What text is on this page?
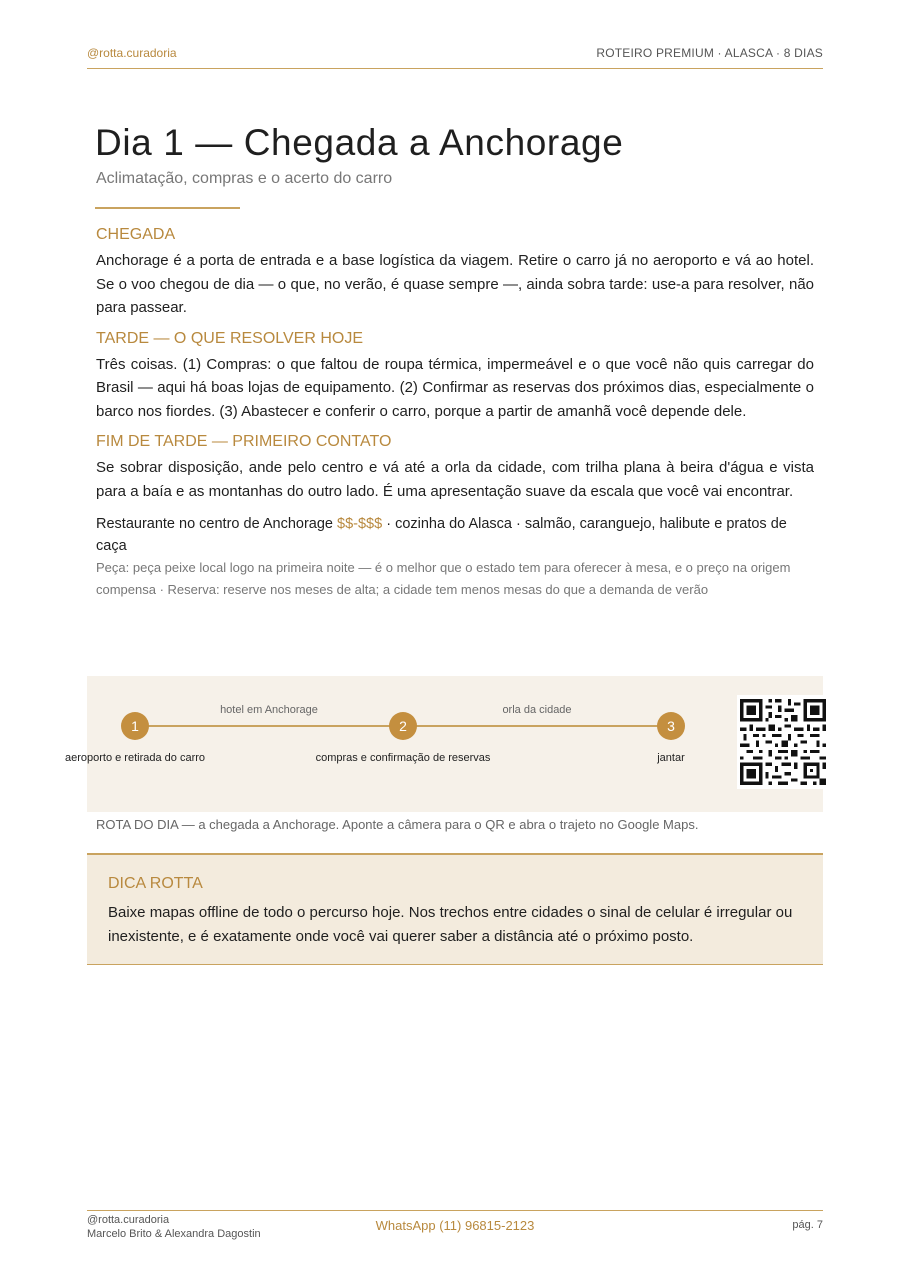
@rotta.curadoria	ROTEIRO PREMIUM · ALASCA · 8 DIAS
Dia 1 — Chegada a Anchorage
Aclimatação, compras e o acerto do carro
CHEGADA

Anchorage é a porta de entrada e a base logística da viagem. Retire o carro já no aeroporto e vá ao hotel. Se o voo chegou de dia — o que, no verão, é quase sempre —, ainda sobra tarde: use-a para resolver, não para passear.

TARDE — O QUE RESOLVER HOJE

Três coisas. (1) Compras: o que faltou de roupa térmica, impermeável e o que você não quis carregar do Brasil — aqui há boas lojas de equipamento. (2) Confirmar as reservas dos próximos dias, especialmente o barco nos fiordes. (3) Abastecer e conferir o carro, porque a partir de amanhã você depende dele.

FIM DE TARDE — PRIMEIRO CONTATO

Se sobrar disposição, ande pelo centro e vá até a orla da cidade, com trilha plana à beira d'água e vista para a baía e as montanhas do outro lado. É uma apresentação suave da escala que você vai encontrar.

Restaurante no centro de Anchorage $$-$$$ · cozinha do Alasca · salmão, caranguejo, halibute e pratos de caça

Peça: peça peixe local logo na primeira noite — é o melhor que o estado tem para oferecer à mesa, e o preço na origem compensa · Reserva: reserve nos meses de alta; a cidade tem menos mesas do que a demanda de verão

hotel em Anchorage	orla da cidade
1	2	3
aeroporto e retirada do carro	compras e confirmação de reservas	jantar
ROTA DO DIA — a chegada a Anchorage. Aponte a câmera para o QR e abra o trajeto no Google Maps.
DICA ROTTA
Baixe mapas offline de todo o percurso hoje. Nos trechos entre cidades o sinal de celular é irregular ou inexistente, e é exatamente onde você vai querer saber a distância até o próximo posto.
@rotta.curadoria
Marcelo Brito & Alexandra Dagostin
WhatsApp (11) 96815-2123	pág. 7
